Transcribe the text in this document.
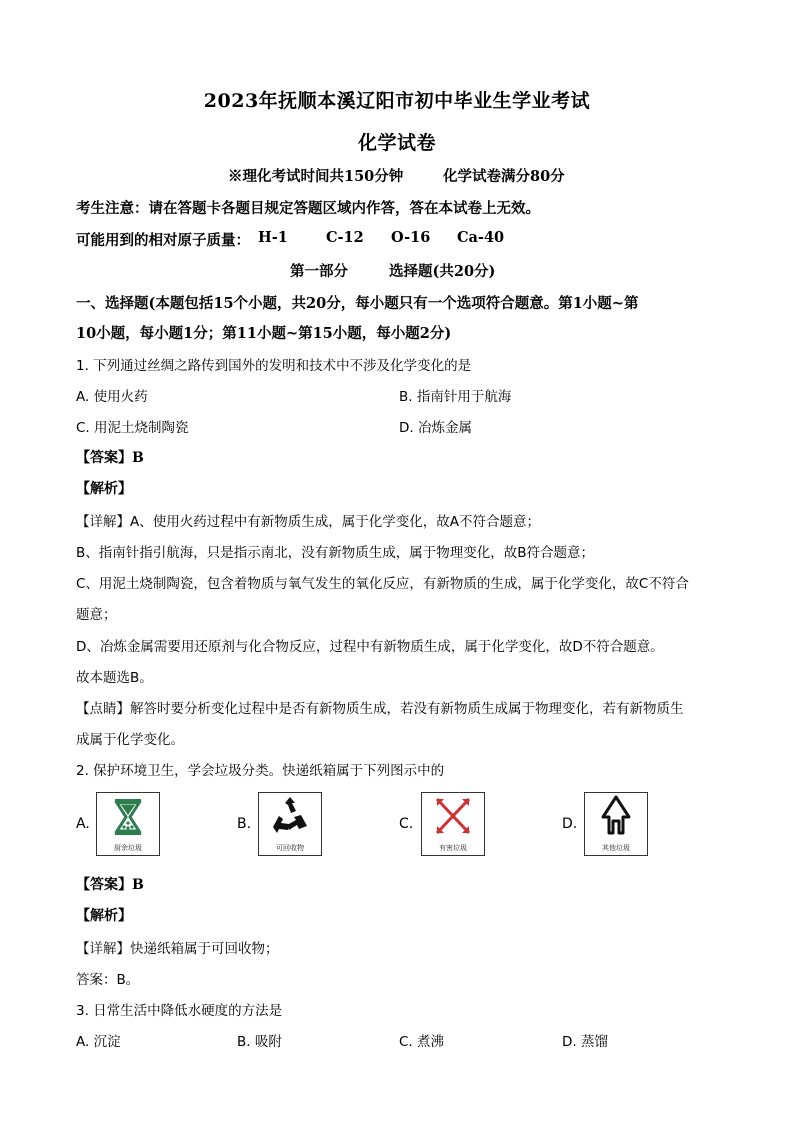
2023年抚顺本溪辽阳市初中毕业生学业考试
化学试卷
※理化考试时间共150分钟	化学试卷满分80分
考生注意：请在答题卡各题目规定答题区域内作答，答在本试卷上无效。
可能用到的相对原子质量： H-1	C-12 O-16 Ca-40
第一部分	选择题(共20分)
一、选择题(本题包括15个小题，共20分，每小题只有一个选项符合题意。第1小题~第
10小题，每小题1分；第11小题~第15小题，每小题2分)
1. 下列通过丝绸之路传到国外的发明和技术中不涉及化学变化的是
A. 使用火药	B. 指南针用于航海
C. 用泥土烧制陶瓷	D. 冶炼金属
【答案】B
【解析】
【详解】A、使用火药过程中有新物质生成，属于化学变化，故A不符合题意；
B、指南针指引航海，只是指示南北，没有新物质生成，属于物理变化，故B符合题意；
C、用泥土烧制陶瓷，包含着物质与氧气发生的氧化反应，有新物质的生成，属于化学变化，故C不符合
题意；
D、冶炼金属需要用还原剂与化合物反应，过程中有新物质生成，属于化学变化，故D不符合题意。
故本题选B。
【点睛】解答时要分析变化过程中是否有新物质生成，若没有新物质生成属于物理变化，若有新物质生
成属于化学变化。
2. 保护环境卫生，学会垃圾分类。快递纸箱属于下列图示中的
A.
厨余垃圾
B.
可回收物
C.
有害垃圾
D.
其他垃圾
【答案】B
【解析】
【详解】快递纸箱属于可回收物；
答案：B。
3. 日常生活中降低水硬度的方法是
A. 沉淀	B. 吸附	C. 煮沸	D. 蒸馏
